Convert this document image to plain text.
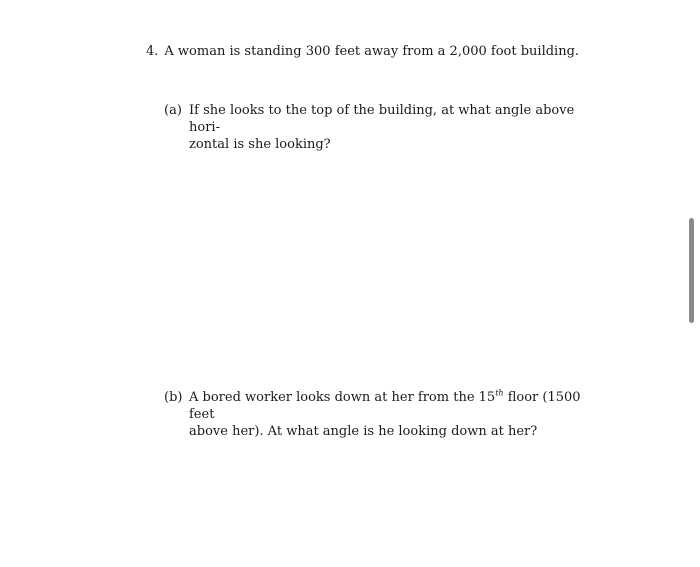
4. A woman is standing 300 feet away from a 2,000 foot building.
(a) If she looks to the top of the building, at what angle above hori-
zontal is she looking?
(b) A bored worker looks down at her from the 15th floor (1500 feet
above her). At what angle is he looking down at her?
